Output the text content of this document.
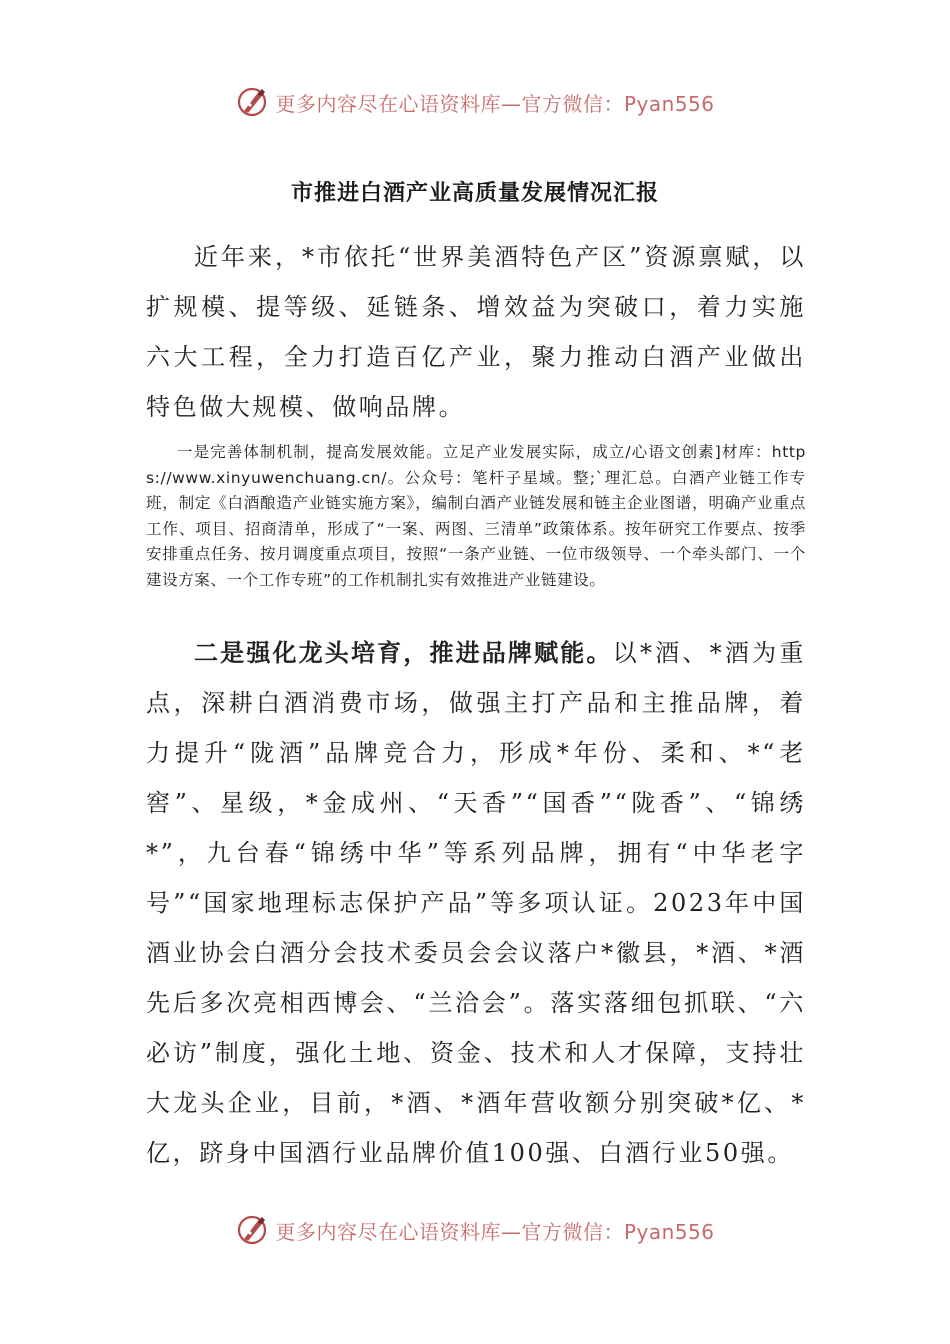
更多内容尽在心语资料库—官方微信：Pyan556
市推进白酒产业高质量发展情况汇报

近年来，*市依托“世界美酒特色产区”资源禀赋，以扩规模、提等级、延链条、增效益为突破口，着力实施六大工程，全力打造百亿产业，聚力推动白酒产业做出特色做大规模、做响品牌。

一是完善体制机制，提高发展效能。立足产业发展实际，成立/心语文创素]材库：https://www.xinyuwenchuang.cn/。公众号：笔杆子星域。整;`理汇总。白酒产业链工作专班，制定《白酒酿造产业链实施方案》，编制白酒产业链发展和链主企业图谱，明确产业重点工作、项目、招商清单，形成了“一案、两图、三清单”政策体系。按年研究工作要点、按季安排重点任务、按月调度重点项目，按照“一条产业链、一位市级领导、一个牵头部门、一个建设方案、一个工作专班”的工作机制扎实有效推进产业链建设。

二是强化龙头培育，推进品牌赋能。以*酒、*酒为重点，深耕白酒消费市场，做强主打产品和主推品牌，着力提升“陇酒”品牌竞合力，形成*年份、柔和、*“老窖”、星级，*金成州、“天香”“国香”“陇香”、“锦绣*”，九台春“锦绣中华”等系列品牌，拥有“中华老字号”“国家地理标志保护产品”等多项认证。2023年中国酒业协会白酒分会技术委员会会议落户*徽县，*酒、*酒先后多次亮相西博会、“兰洽会”。落实落细包抓联、“六必访”制度，强化土地、资金、技术和人才保障，支持壮大龙头企业，目前，*酒、*酒年营收额分别突破*亿、*亿，跻身中国酒行业品牌价值100强、白酒行业50强。

更多内容尽在心语资料库—官方微信：Pyan556
